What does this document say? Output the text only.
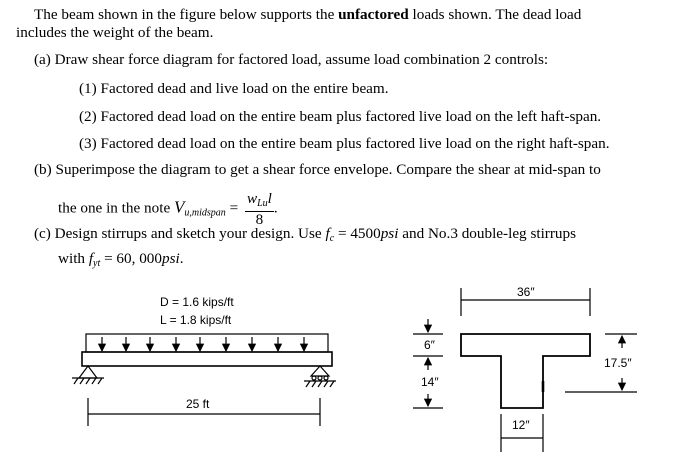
The beam shown in the figure below supports the unfactored loads shown. The dead load
includes the weight of the beam.
(a) Draw shear force diagram for factored load, assume load combination 2 controls:
(1) Factored dead and live load on the entire beam.
(2) Factored dead load on the entire beam plus factored live load on the left haft-span.
(3) Factored dead load on the entire beam plus factored live load on the right haft-span.
(b) Superimpose the diagram to get a shear force envelope. Compare the shear at mid-span to
the one in the note $V_{u,midspan} = \frac{w_{Lu}l}{8}$ .
(c) Design stirrups and sketch your design. Use $f_c = 4500psi$ and No.3 double-leg stirrups
with $f_{yt} = 60$, 000psi.
D = 1.6 kips/ft
L = 1.8 kips/ft
25 ft
36″
6″
14″
17.5″
12″
